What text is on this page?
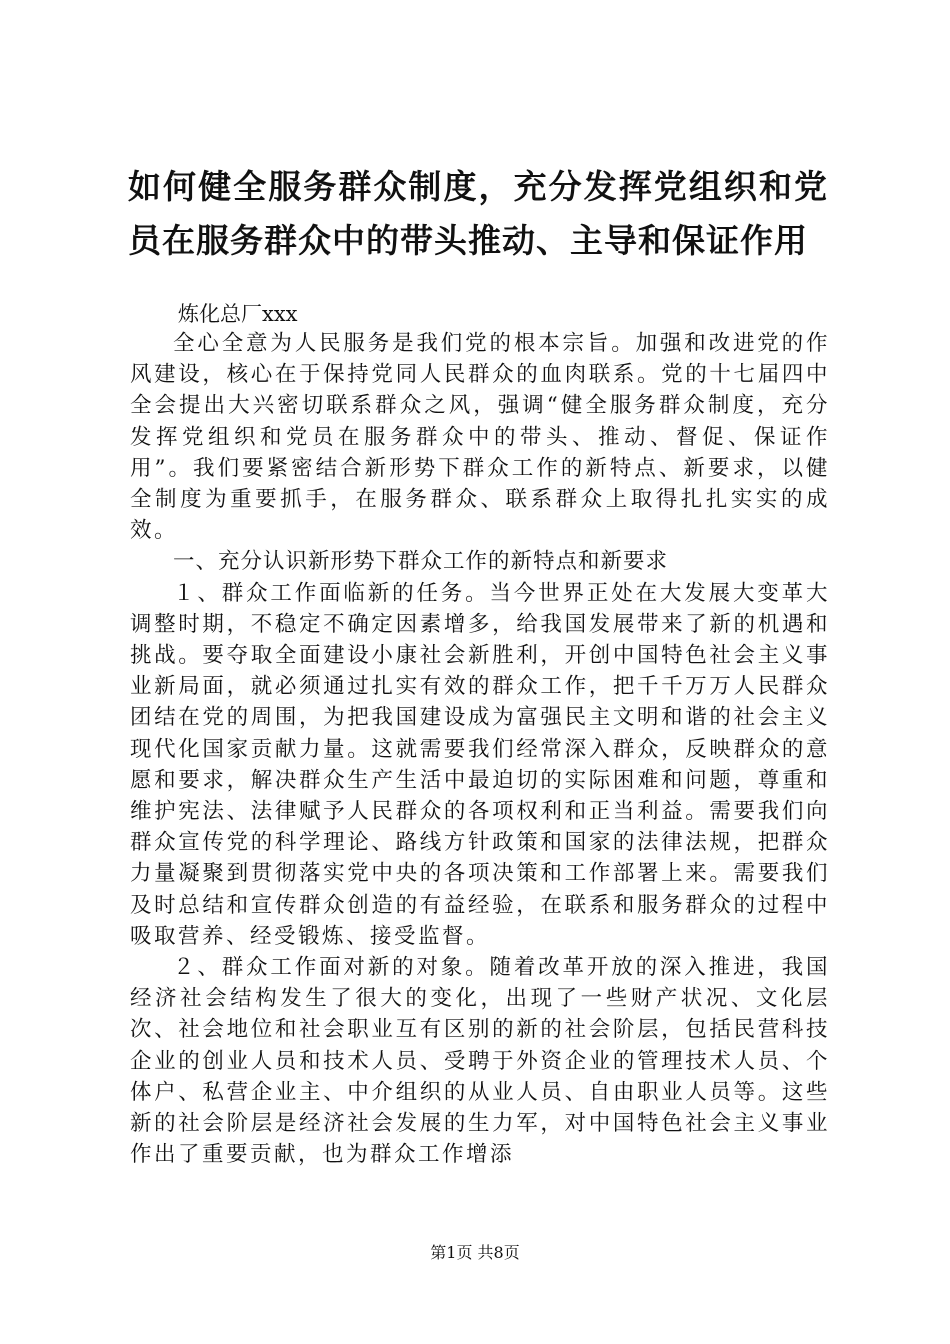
如何健全服务群众制度，充分发挥党组织和党员在服务群众中的带头推动、主导和保证作用

炼化总厂xxx

全心全意为人民服务是我们党的根本宗旨。加强和改进党的作风建设，核心在于保持党同人民群众的血肉联系。党的十七届四中全会提出大兴密切联系群众之风，强调“健全服务群众制度，充分发挥党组织和党员在服务群众中的带头、推动、督促、保证作用”。我们要紧密结合新形势下群众工作的新特点、新要求，以健全制度为重要抓手，在服务群众、联系群众上取得扎扎实实的成效。

一、充分认识新形势下群众工作的新特点和新要求

１、群众工作面临新的任务。当今世界正处在大发展大变革大调整时期，不稳定不确定因素增多，给我国发展带来了新的机遇和挑战。要夺取全面建设小康社会新胜利，开创中国特色社会主义事业新局面，就必须通过扎实有效的群众工作，把千千万万人民群众团结在党的周围，为把我国建设成为富强民主文明和谐的社会主义现代化国家贡献力量。这就需要我们经常深入群众，反映群众的意愿和要求，解决群众生产生活中最迫切的实际困难和问题，尊重和维护宪法、法律赋予人民群众的各项权利和正当利益。需要我们向群众宣传党的科学理论、路线方针政策和国家的法律法规，把群众力量凝聚到贯彻落实党中央的各项决策和工作部署上来。需要我们及时总结和宣传群众创造的有益经验，在联系和服务群众的过程中吸取营养、经受锻炼、接受监督。

２、群众工作面对新的对象。随着改革开放的深入推进，我国经济社会结构发生了很大的变化，出现了一些财产状况、文化层次、社会地位和社会职业互有区别的新的社会阶层，包括民营科技企业的创业人员和技术人员、受聘于外资企业的管理技术人员、个体户、私营企业主、中介组织的从业人员、自由职业人员等。这些新的社会阶层是经济社会发展的生力军，对中国特色社会主义事业作出了重要贡献，也为群众工作增添

第1页 共8页
